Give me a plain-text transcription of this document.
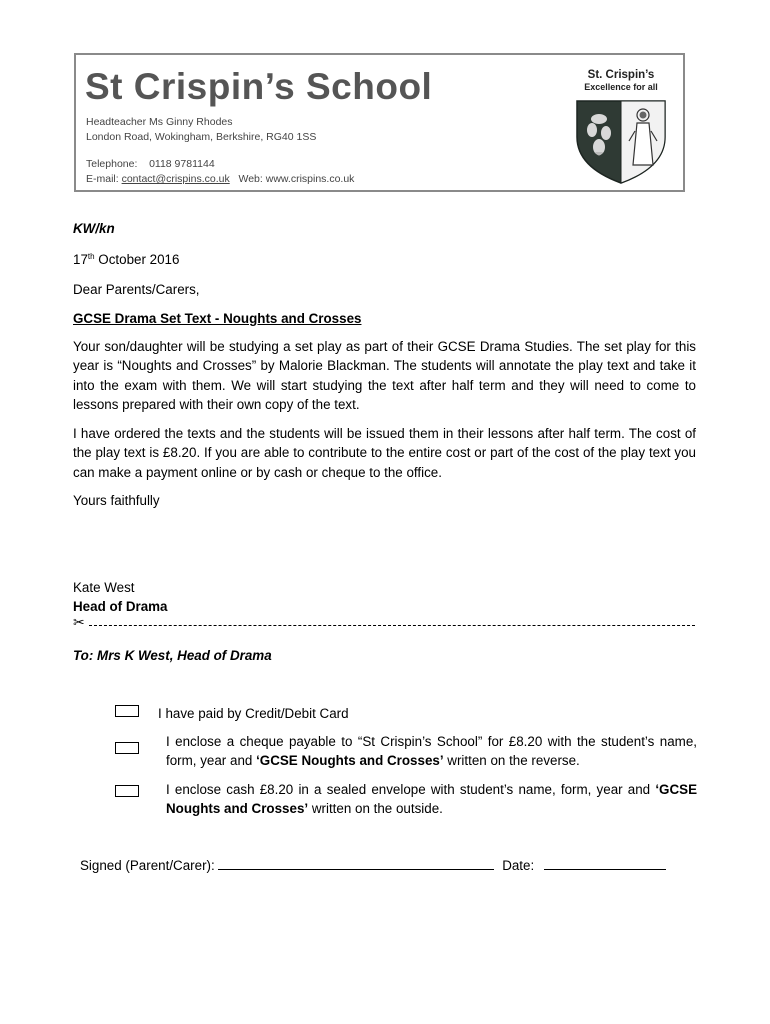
St Crispin’s School
Headteacher Ms Ginny Rhodes
London Road, Wokingham, Berkshire, RG40 1SS
Telephone: 0118 9781144
E-mail: contact@crispins.co.uk Web: www.crispins.co.uk
St. Crispin’s
Excellence for all
KW/kn
17th October 2016
Dear Parents/Carers,
GCSE Drama Set Text - Noughts and Crosses
Your son/daughter will be studying a set play as part of their GCSE Drama Studies. The set play for this year is “Noughts and Crosses” by Malorie Blackman. The students will annotate the play text and take it into the exam with them. We will start studying the text after half term and they will need to come to lessons prepared with their own copy of the text.
I have ordered the texts and the students will be issued them in their lessons after half term. The cost of the play text is £8.20. If you are able to contribute to the entire cost or part of the cost of the play text you can make a payment online or by cash or cheque to the office.
Yours faithfully
Kate West
Head of Drama
✂
To: Mrs K West, Head of Drama
I have paid by Credit/Debit Card
I enclose a cheque payable to “St Crispin’s School” for £8.20 with the student’s name, form, year and ‘GCSE Noughts and Crosses’ written on the reverse.
I enclose cash £8.20 in a sealed envelope with student’s name, form, year and ‘GCSE Noughts and Crosses’ written on the outside.
Signed (Parent/Carer):	Date:
